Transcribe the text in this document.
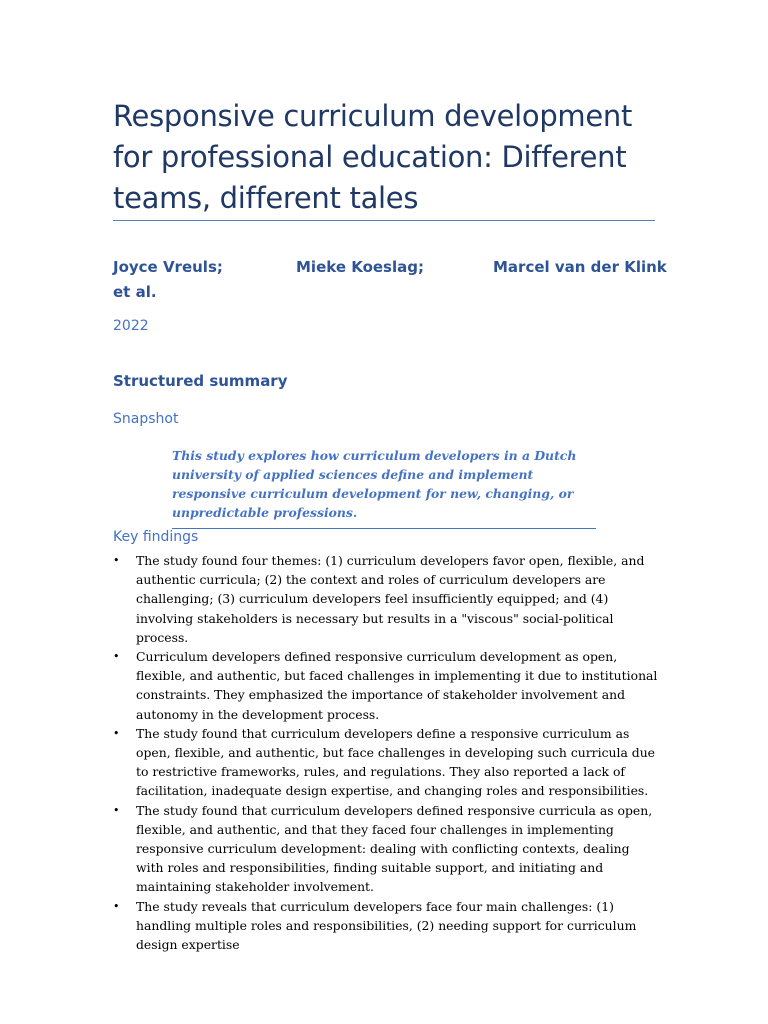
Responsive curriculum development for professional education: Different teams, different tales
Joyce Vreuls;	Mieke Koeslag;	Marcel van der Klink
et al.
2022
Structured summary
Snapshot
This study explores how curriculum developers in a Dutch university of applied sciences define and implement responsive curriculum development for new, changing, or unpredictable professions.
Key findings
• The study found four themes: (1) curriculum developers favor open, flexible, and authentic curricula; (2) the context and roles of curriculum developers are challenging; (3) curriculum developers feel insufficiently equipped; and (4) involving stakeholders is necessary but results in a "viscous" social-political process.
• Curriculum developers defined responsive curriculum development as open, flexible, and authentic, but faced challenges in implementing it due to institutional constraints. They emphasized the importance of stakeholder involvement and autonomy in the development process.
• The study found that curriculum developers define a responsive curriculum as open, flexible, and authentic, but face challenges in developing such curricula due to restrictive frameworks, rules, and regulations. They also reported a lack of facilitation, inadequate design expertise, and changing roles and responsibilities.
• The study found that curriculum developers defined responsive curricula as open, flexible, and authentic, and that they faced four challenges in implementing responsive curriculum development: dealing with conflicting contexts, dealing with roles and responsibilities, finding suitable support, and initiating and maintaining stakeholder involvement.
• The study reveals that curriculum developers face four main challenges: (1) handling multiple roles and responsibilities, (2) needing support for curriculum design expertise
